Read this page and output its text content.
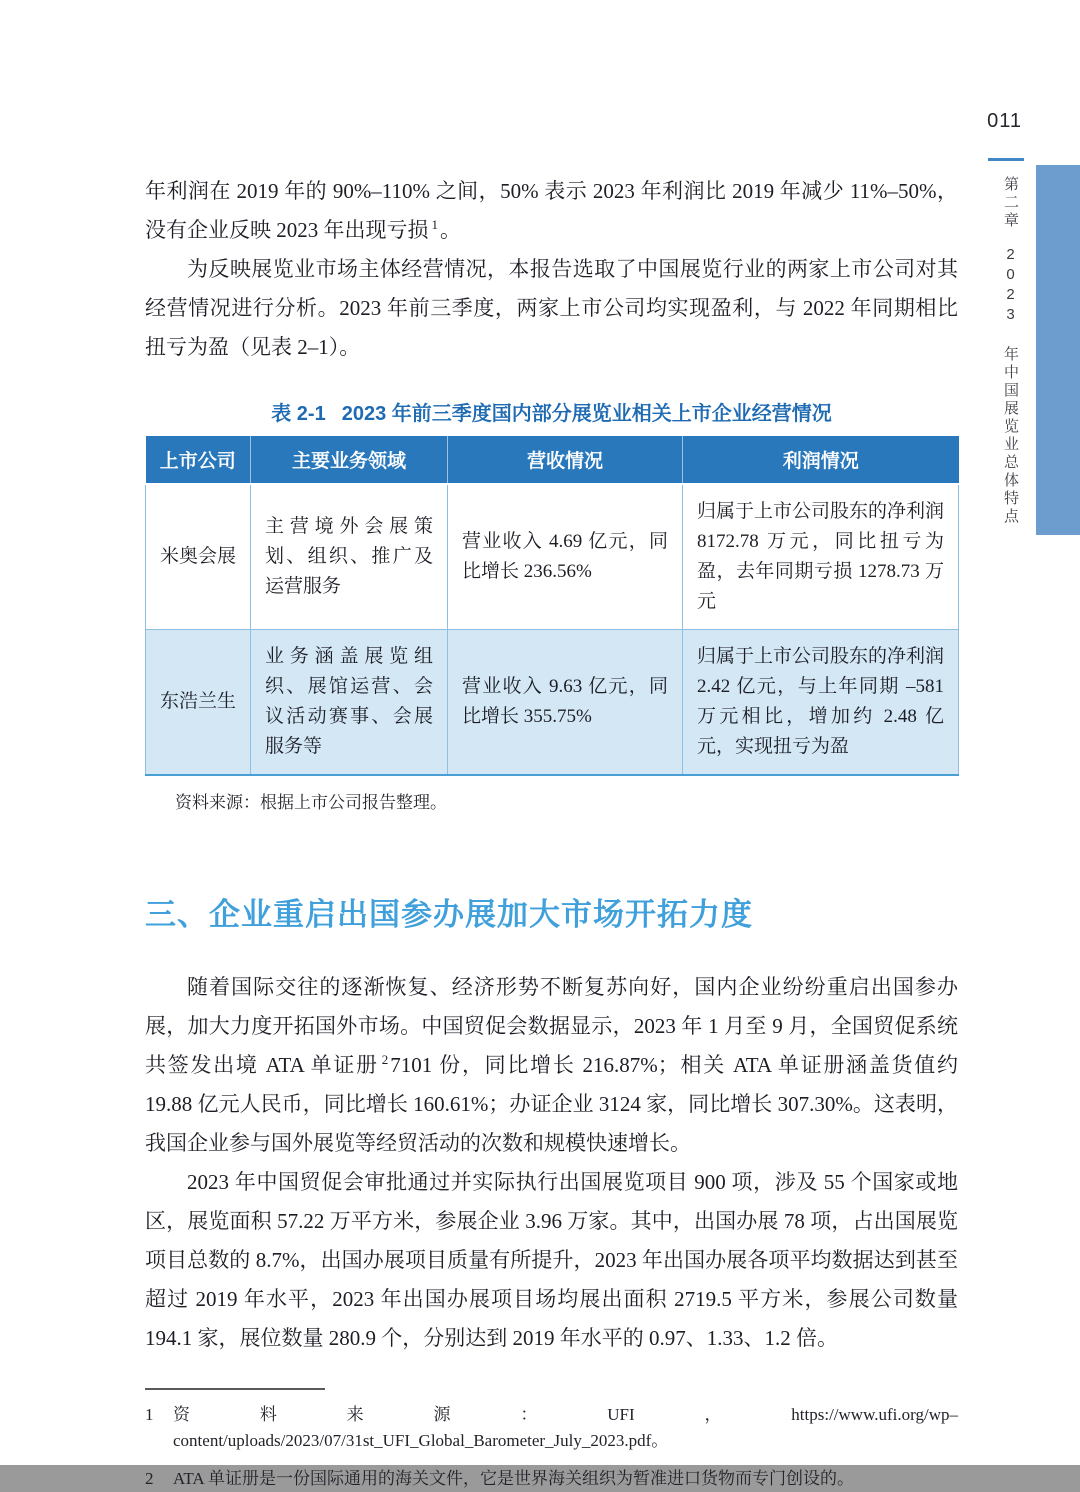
011
第二章2023 年中国展览业总体特点

年利润在 2019 年的 90%–110% 之间，50% 表示 2023 年利润比 2019 年减少 11%–50%，没有企业反映 2023 年出现亏损 $^1$。

为反映展览业市场主体经营情况，本报告选取了中国展览行业的两家上市公司对其经营情况进行分析。2023 年前三季度，两家上市公司均实现盈利，与 2022 年同期相比扭亏为盈（见表 2–1）。

表 2-1 2023 年前三季度国内部分展览业相关上市企业经营情况
上市公司	主要业务领域	营收情况	利润情况
米奥会展	主营境外会展策划、组织、推广及运营服务	营业收入 4.69 亿元，同比增长 236.56%	归属于上市公司股东的净利润 8172.78 万元，同比扭亏为盈，去年同期亏损 1278.73 万元
东浩兰生	业务涵盖展览组织、展馆运营、会议活动赛事、会展服务等	营业收入 9.63 亿元，同比增长 355.75%	归属于上市公司股东的净利润 2.42 亿元，与上年同期 –581 万元相比，增加约 2.48 亿元，实现扭亏为盈
资料来源：根据上市公司报告整理。
三、企业重启出国参办展加大市场开拓力度

随着国际交往的逐渐恢复、经济形势不断复苏向好，国内企业纷纷重启出国参办展，加大力度开拓国外市场。中国贸促会数据显示，2023 年 1 月至 9 月，全国贸促系统共签发出境 ATA 单证册 $^2$7101 份，同比增长 216.87%；相关 ATA 单证册涵盖货值约 19.88 亿元人民币，同比增长 160.61%；办证企业 3124 家，同比增长 307.30%。这表明，我国企业参与国外展览等经贸活动的次数和规模快速增长。

2023 年中国贸促会审批通过并实际执行出国展览项目 900 项，涉及 55 个国家或地区，展览面积 57.22 万平方米，参展企业 3.96 万家。其中，出国办展 78 项，占出国展览项目总数的 8.7%，出国办展项目质量有所提升，2023 年出国办展各项平均数据达到甚至超过 2019 年水平，2023 年出国办展项目场均展出面积 2719.5 平方米，参展公司数量 194.1 家，展位数量 280.9 个，分别达到 2019 年水平的 0.97、1.33、1.2 倍。

1	资料来源：UFI，https://www.ufi.org/wp–content/uploads/2023/07/31st_UFI_Global_Barometer_July_2023.pdf。
2	ATA 单证册是一份国际通用的海关文件，它是世界海关组织为暂准进口货物而专门创设的。
